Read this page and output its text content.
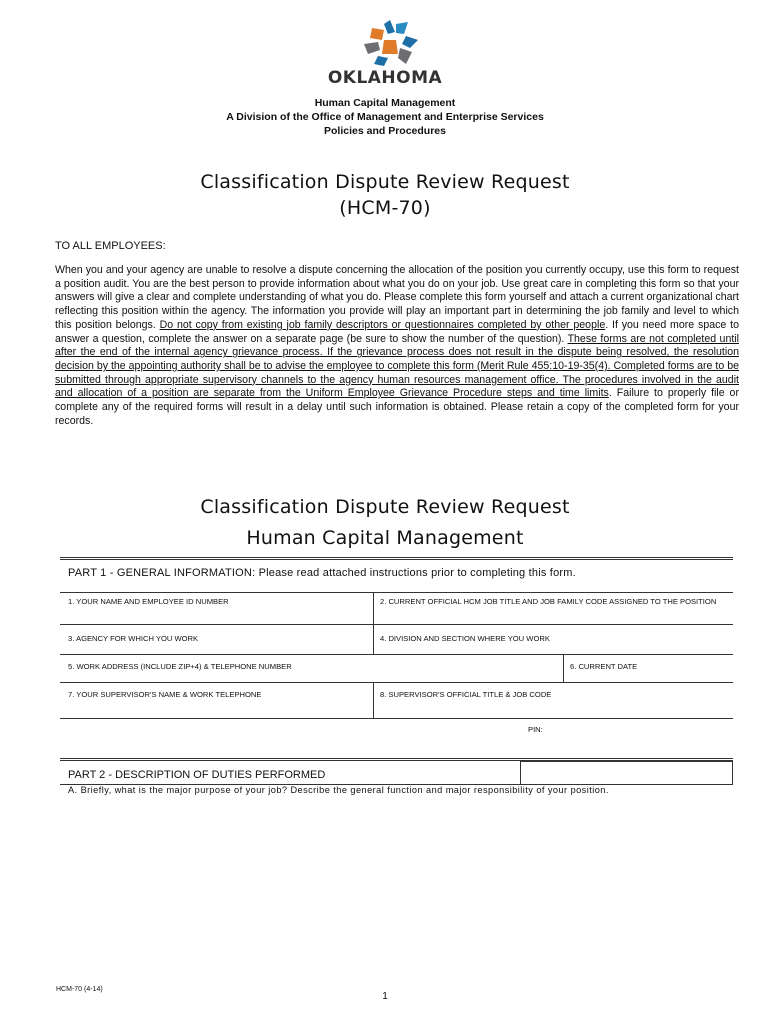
OKLAHOMA
Human Capital Management
A Division of the Office of Management and Enterprise Services
Policies and Procedures
Classification Dispute Review Request
(HCM-70)
TO ALL EMPLOYEES:
When you and your agency are unable to resolve a dispute concerning the allocation of the position you currently occupy, use this form to request a position audit. You are the best person to provide information about what you do on your job. Use great care in completing this form so that your answers will give a clear and complete understanding of what you do. Please complete this form yourself and attach a current organizational chart reflecting this position within the agency. The information you provide will play an important part in determining the job family and level to which this position belongs. Do not copy from existing job family descriptors or questionnaires completed by other people. If you need more space to answer a question, complete the answer on a separate page (be sure to show the number of the question). These forms are not completed until after the end of the internal agency grievance process. If the grievance process does not result in the dispute being resolved, the resolution decision by the appointing authority shall be to advise the employee to complete this form (Merit Rule 455:10-19-35(4). Completed forms are to be submitted through appropriate supervisory channels to the agency human resources management office. The procedures involved in the audit and allocation of a position are separate from the Uniform Employee Grievance Procedure steps and time limits. Failure to properly file or complete any of the required forms will result in a delay until such information is obtained. Please retain a copy of the completed form for your records.
Classification Dispute Review Request
Human Capital Management
PART 1 - GENERAL INFORMATION: Please read attached instructions prior to completing this form.
1. YOUR NAME AND EMPLOYEE ID NUMBER	2. CURRENT OFFICIAL HCM JOB TITLE AND JOB FAMILY CODE ASSIGNED TO THE POSITION
3. AGENCY FOR WHICH YOU WORK	4. DIVISION AND SECTION WHERE YOU WORK
5. WORK ADDRESS (INCLUDE ZIP+4) & TELEPHONE NUMBER	6. CURRENT DATE
7. YOUR SUPERVISOR'S NAME & WORK TELEPHONE	8. SUPERVISOR'S OFFICIAL TITLE & JOB CODE
PIN:
PART 2 - DESCRIPTION OF DUTIES PERFORMED
A. Briefly, what is the major purpose of your job? Describe the general function and major responsibility of your position.
HCM-70 (4-14)
1
